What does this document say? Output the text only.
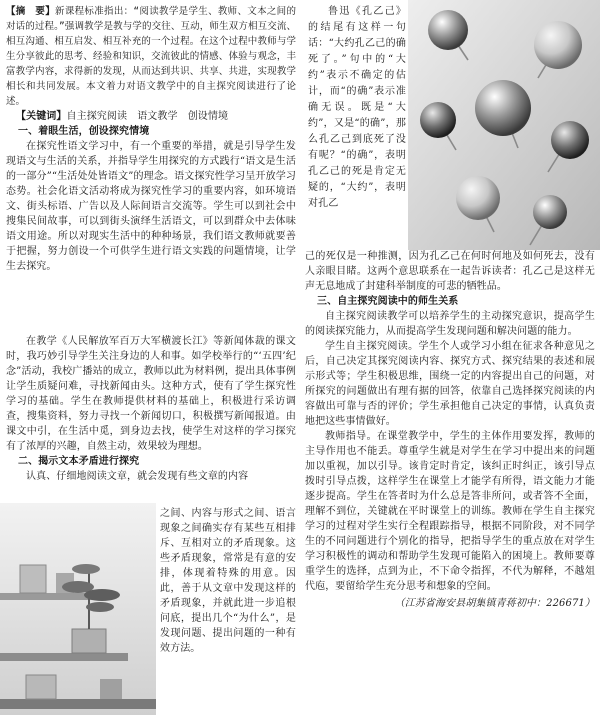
【摘　要】新课程标准指出：“阅读教学是学生、教师、文本之间的对话的过程。”强调教学是教与学的交往、互动，师生双方相互交流、相互沟通、相互启发、相互补充的一个过程。在这个过程中教师与学生分享彼此的思考、经验和知识，交流彼此的情感、体验与观念，丰富教学内容，求得新的发现，从而达到共识、共享、共进，实现教学相长和共同发展。本文着力对语文教学中的自主探究阅读进行了论述。

【关键词】自主探究阅读　语文教学　创设情境

一、着眼生活，创设探究情境

在探究性语文学习中，有一个重要的举措，就是引导学生发现语文与生活的关系，并指导学生用探究的方式践行“语文是生活的一部分”“生活处处皆语文”的理念。语文探究性学习呈开放学习态势。社会化语文活动将成为探究性学习的重要内容，如环境语文、街头标语、广告以及人际间语言交流等。学生可以到社会中搜集民间故事，可以到街头演绎生活语文，可以到群众中去体味语文用途。所以对现实生活中的种种场景，我们语文教师就要善于把握，努力创设一个可供学生进行语文实践的问题情境，让学生去探究。

在教学《人民解放军百万大军横渡长江》等新闻体裁的课文时，我巧妙引导学生关注身边的人和事。如学校举行的“‘五四’纪念”活动，我校广播站的成立，教师以此为材料例，提出具体事例让学生质疑问难，寻找新闻由头。这种方式，使有了学生探究性学习的基础。学生在教师提供材料的基础上，积极进行采访调查，搜集资料，努力寻找一个新闻切口，积极撰写新闻报道。由课文中引，在生活中觅，到身边去找，使学生对这样的学习探究有了浓厚的兴趣，自然主动，效果较为理想。

二、揭示文本矛盾进行探究

认真、仔细地阅读文章，就会发现有些文章的内容

之间、内容与形式之间、语言现象之间确实存有某些互相排斥、互相对立的矛盾现象。这些矛盾现象，常常是有意的安排，体现着特殊的用意。因此，善于从文章中发现这样的矛盾现象，并就此进一步追根问底，提出几个“为什么”，是发现问题、提出问题的一种有效方法。

鲁迅《孔乙己》的结尾有这样一句话：“大约孔乙己的确死了。”句中的“大约”表示不确定的估计，而“的确”表示准确无误。既是“大约”，又是“的确”，那么孔乙己到底死了没有呢？“的确”，表明孔乙己的死是肯定无疑的，“大约”，表明对孔乙

己的死仅是一种推测，因为孔乙己在何时何地及如何死去，没有人亲眼目睹。这两个意思联系在一起告诉读者：孔乙己是这样无声无息地成了封建科举制度的可悲的牺牲品。

三、自主探究阅读中的师生关系

自主探究阅读教学可以培养学生的主动探究意识，提高学生的阅读探究能力，从而提高学生发现问题和解决问题的能力。

学生自主探究阅读。学生个人或学习小组在征求各种意见之后，自己决定其探究阅读内容、探究方式、探究结果的表述和展示形式等；学生积极思维，围绕一定的内容提出自己的问题，对所探究的问题做出有理有据的回答，依靠自己选择探究阅读的内容做出可靠与否的评价；学生承担他自己决定的事情，认真负责地把这些事情做好。

教师指导。在课堂教学中，学生的主体作用要发挥，教师的主导作用也不能丢。尊重学生就是对学生在学习中提出来的问题加以重视，加以引导。该肯定时肯定，该纠正时纠正，该引导点拨时引导点拨，这样学生在课堂上才能学有所得，语文能力才能逐步提高。学生在答者时为什么总是答非所问，或者答不全面，理解不到位，关键就在平时课堂上的训练。教师在学生自主探究学习的过程对学生实行全程跟踪指导，根据不同阶段，对不同学生的不同问题进行个别化的指导，把指导学生的重点放在对学生学习积极性的调动和帮助学生发现可能陷入的困境上。教师要尊重学生的选择，点到为止，不下命令指挥，不代为解释，不越俎代庖，要留给学生充分思考和想象的空间。

（江苏省海安县胡集镇青蒋初中：226671）
